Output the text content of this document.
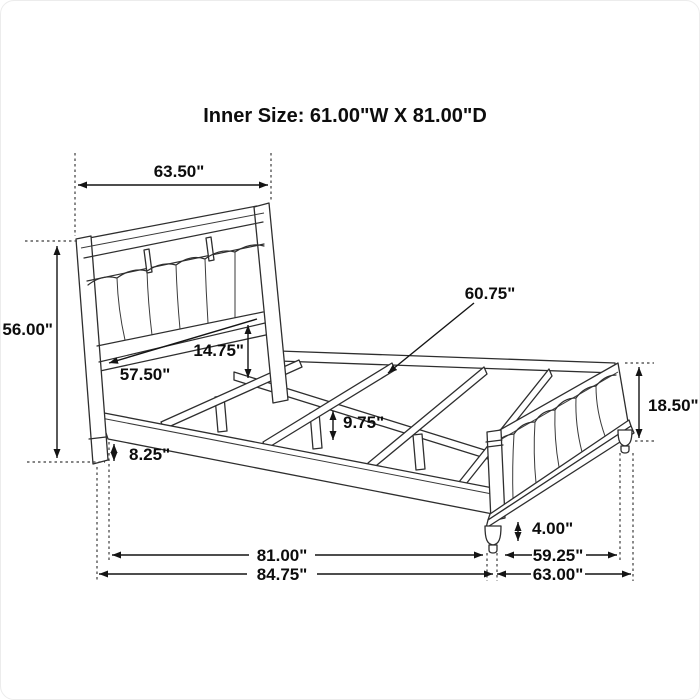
Inner Size: 61.00"W X 81.00"D
63.50"
56.00"
57.50"
14.75"
60.75"
9.75"
8.25"
18.50"
4.00"
81.00"
84.75"
59.25"
63.00"
